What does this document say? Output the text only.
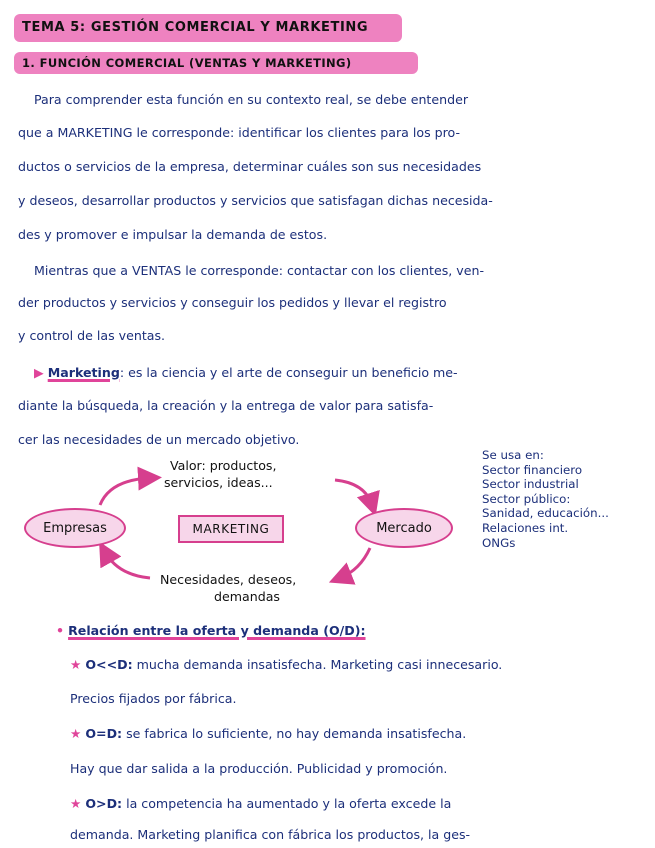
TEMA 5: GESTIÓN COMERCIAL Y MARKETING
1. FUNCIÓN COMERCIAL (VENTAS Y MARKETING)
Para comprender esta función en su contexto real, se debe entender
que a MARKETING le corresponde: identificar los clientes para los pro-
ductos o servicios de la empresa, determinar cuáles son sus necesidades
y deseos, desarrollar productos y servicios que satisfagan dichas necesida-
des y promover e impulsar la demanda de estos.
Mientras que a VENTAS le corresponde: contactar con los clientes, ven-
der productos y servicios y conseguir los pedidos y llevar el registro
y control de las ventas.
▶ Marketing: es la ciencia y el arte de conseguir un beneficio me-
diante la búsqueda, la creación y la entrega de valor para satisfa-
cer las necesidades de un mercado objetivo.
Empresas	MARKETING	Mercado
Valor: productos,
servicios, ideas...
Necesidades, deseos,
demandas
Se usa en:
Sector financiero
Sector industrial
Sector público:
Sanidad, educación...
Relaciones int.
ONGs
• Relación entre la oferta y demanda (O/D):
★ O<<D: mucha demanda insatisfecha. Marketing casi innecesario.
Precios fijados por fábrica.
★ O=D: se fabrica lo suficiente, no hay demanda insatisfecha.
Hay que dar salida a la producción. Publicidad y promoción.
★ O>D: la competencia ha aumentado y la oferta excede la
demanda. Marketing planifica con fábrica los productos, la ges-
